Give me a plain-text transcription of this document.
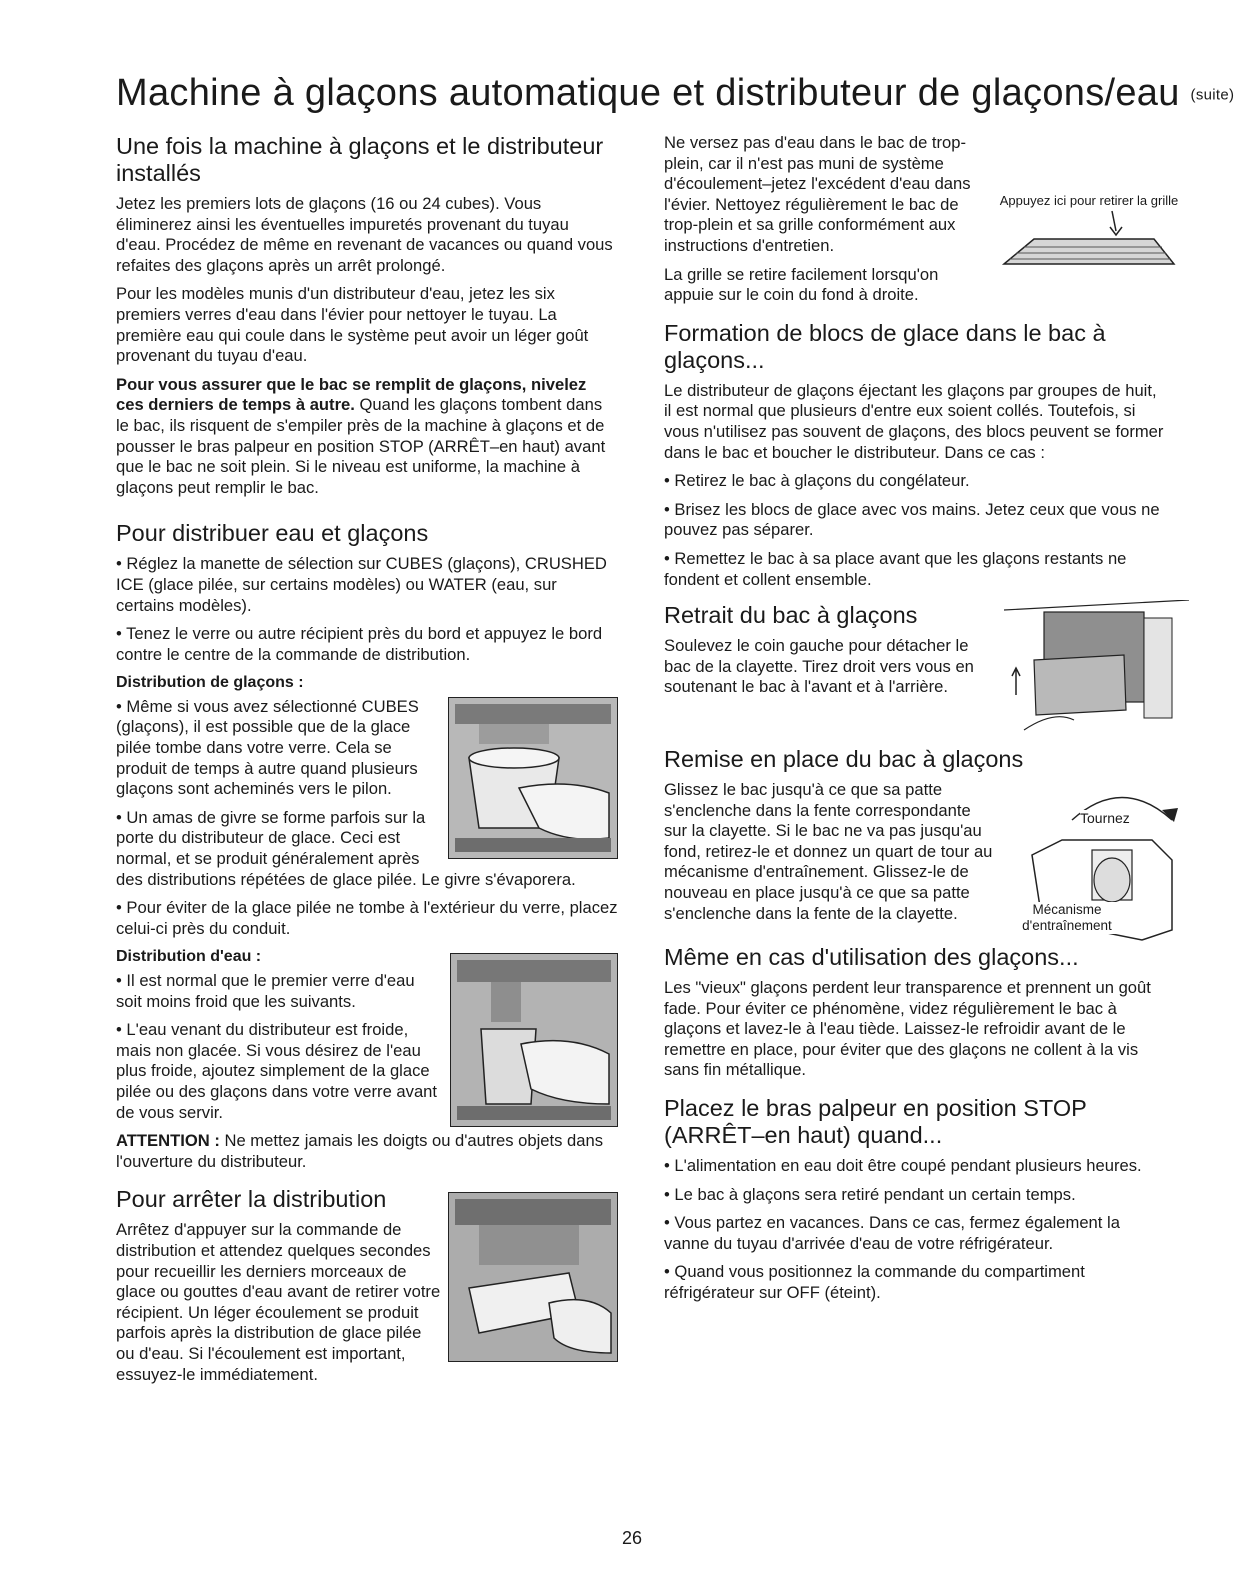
Machine à glaçons automatique et distributeur de glaçons/eau (suite)
Une fois la machine à glaçons et le distributeur installés

Jetez les premiers lots de glaçons (16 ou 24 cubes). Vous éliminerez ainsi les éventuelles impuretés provenant du tuyau d'eau. Procédez de même en revenant de vacances ou quand vous refaites des glaçons après un arrêt prolongé.

Pour les modèles munis d'un distributeur d'eau, jetez les six premiers verres d'eau dans l'évier pour nettoyer le tuyau. La première eau qui coule dans le système peut avoir un léger goût provenant du tuyau d'eau.

Pour vous assurer que le bac se remplit de glaçons, nivelez ces derniers de temps à autre. Quand les glaçons tombent dans le bac, ils risquent de s'empiler près de la machine à glaçons et de pousser le bras palpeur en position STOP (ARRÊT–en haut) avant que le bac ne soit plein. Si le niveau est uniforme, la machine à glaçons peut remplir le bac.

Pour distribuer eau et glaçons

• Réglez la manette de sélection sur CUBES (glaçons), CRUSHED ICE (glace pilée, sur certains modèles) ou WATER (eau, sur certains modèles).

• Tenez le verre ou autre récipient près du bord et appuyez le bord contre le centre de la commande de distribution.

Distribution de glaçons :

• Même si vous avez sélectionné CUBES (glaçons), il est possible que de la glace pilée tombe dans votre verre. Cela se produit de temps à autre quand plusieurs glaçons sont acheminés vers le pilon.

• Un amas de givre se forme parfois sur la porte du distributeur de glace. Ceci est normal, et se produit généralement après des distributions répétées de glace pilée. Le givre s'évaporera.

• Pour éviter de la glace pilée ne tombe à l'extérieur du verre, placez celui-ci près du conduit.

Distribution d'eau :

• Il est normal que le premier verre d'eau soit moins froid que les suivants.

• L'eau venant du distributeur est froide, mais non glacée. Si vous désirez de l'eau plus froide, ajoutez simplement de la glace pilée ou des glaçons dans votre verre avant de vous servir.

ATTENTION : Ne mettez jamais les doigts ou d'autres objets dans l'ouverture du distributeur.

Pour arrêter la distribution

Arrêtez d'appuyer sur la commande de distribution et attendez quelques secondes pour recueillir les derniers morceaux de glace ou gouttes d'eau avant de retirer votre récipient. Un léger écoulement se produit parfois après la distribution de glace pilée ou d'eau. Si l'écoulement est important, essuyez-le immédiatement.

Appuyez ici pour retirer la grille

Ne versez pas d'eau dans le bac de trop-plein, car il n'est pas muni de système d'écoulement–jetez l'excédent d'eau dans l'évier. Nettoyez régulièrement le bac de trop-plein et sa grille conformément aux instructions d'entretien.

La grille se retire facilement lorsqu'on appuie sur le coin du fond à droite.

Formation de blocs de glace dans le bac à glaçons...

Le distributeur de glaçons éjectant les glaçons par groupes de huit, il est normal que plusieurs d'entre eux soient collés. Toutefois, si vous n'utilisez pas souvent de glaçons, des blocs peuvent se former dans le bac et boucher le distributeur. Dans ce cas :

• Retirez le bac à glaçons du congélateur.

• Brisez les blocs de glace avec vos mains. Jetez ceux que vous ne pouvez pas séparer.

• Remettez le bac à sa place avant que les glaçons restants ne fondent et collent ensemble.

Retrait du bac à glaçons

Soulevez le coin gauche pour détacher le bac de la clayette. Tirez droit vers vous en soutenant le bac à l'avant et à l'arrière.

Remise en place du bac à glaçons
Tournez
Mécanisme d'entraînement

Glissez le bac jusqu'à ce que sa patte s'enclenche dans la fente correspondante sur la clayette. Si le bac ne va pas jusqu'au fond, retirez-le et donnez un quart de tour au mécanisme d'entraînement. Glissez-le de nouveau en place jusqu'à ce que sa patte s'enclenche dans la fente de la clayette.

Même en cas d'utilisation des glaçons...

Les "vieux" glaçons perdent leur transparence et prennent un goût fade. Pour éviter ce phénomène, videz régulièrement le bac à glaçons et lavez-le à l'eau tiède. Laissez-le refroidir avant de le remettre en place, pour éviter que des glaçons ne collent à la vis sans fin métallique.

Placez le bras palpeur en position STOP (ARRÊT–en haut) quand...

• L'alimentation en eau doit être coupé pendant plusieurs heures.

• Le bac à glaçons sera retiré pendant un certain temps.

• Vous partez en vacances. Dans ce cas, fermez également la vanne du tuyau d'arrivée d'eau de votre réfrigérateur.

• Quand vous positionnez la commande du compartiment réfrigérateur sur OFF (éteint).

26
